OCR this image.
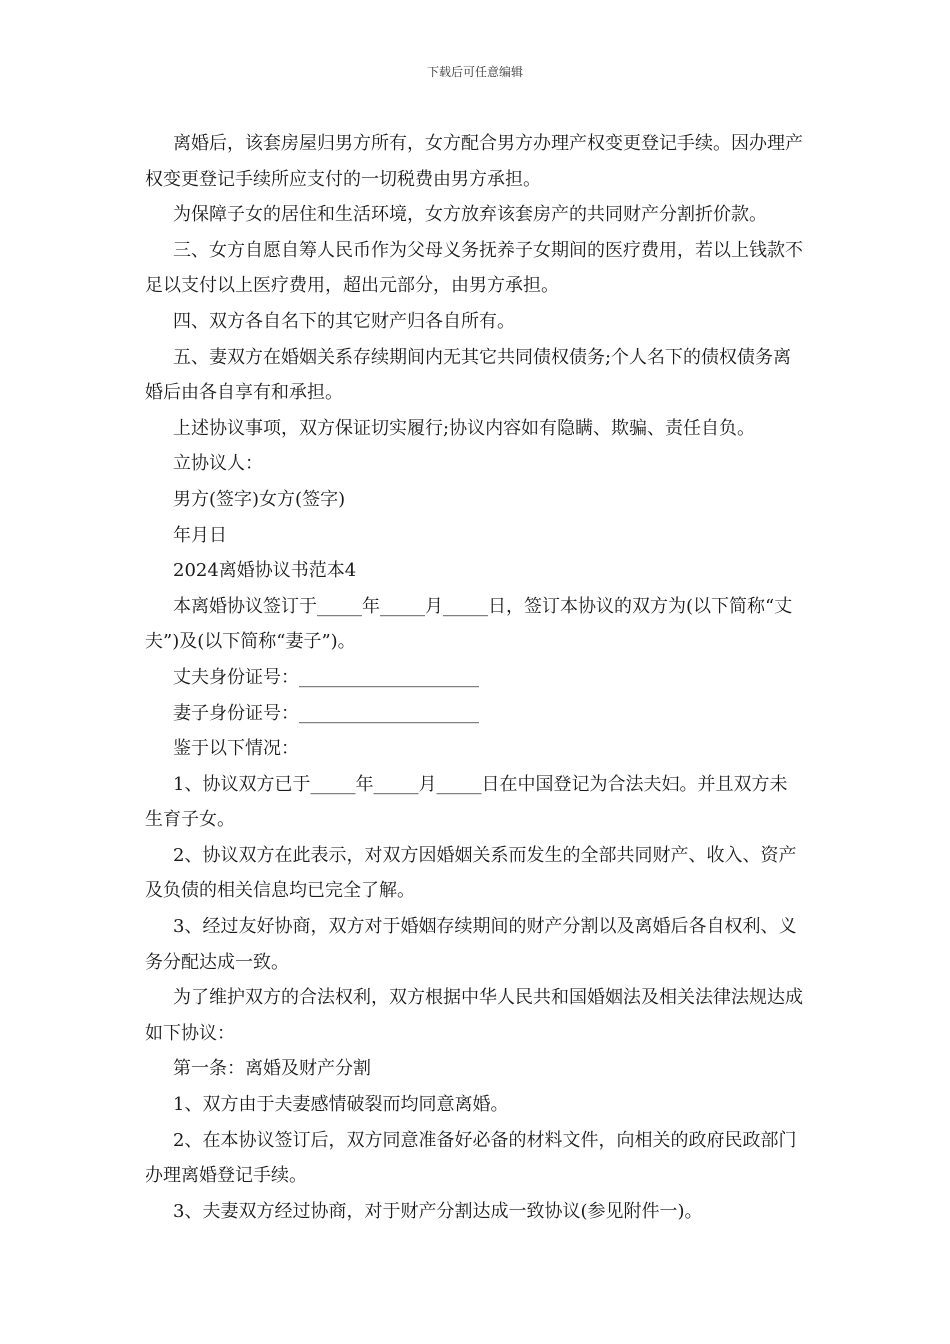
下载后可任意编辑

离婚后，该套房屋归男方所有，女方配合男方办理产权变更登记手续。因办理产权变更登记手续所应支付的一切税费由男方承担。

为保障子女的居住和生活环境，女方放弃该套房产的共同财产分割折价款。

三、女方自愿自筹人民币作为父母义务抚养子女期间的医疗费用，若以上钱款不足以支付以上医疗费用，超出元部分，由男方承担。

四、双方各自名下的其它财产归各自所有。

五、妻双方在婚姻关系存续期间内无其它共同债权债务;个人名下的债权债务离婚后由各自享有和承担。

上述协议事项，双方保证切实履行;协议内容如有隐瞒、欺骗、责任自负。

立协议人：

男方(签字)女方(签字)

年月日

2024离婚协议书范本4

本离婚协议签订于_____年_____月_____日，签订本协议的双方为(以下简称“丈夫”)及(以下简称“妻子”)。

丈夫身份证号：____________________

妻子身份证号：____________________

鉴于以下情况：

1、协议双方已于_____年_____月_____日在中国登记为合法夫妇。并且双方未生育子女。

2、协议双方在此表示，对双方因婚姻关系而发生的全部共同财产、收入、资产及负债的相关信息均已完全了解。

3、经过友好协商，双方对于婚姻存续期间的财产分割以及离婚后各自权利、义务分配达成一致。

为了维护双方的合法权利，双方根据中华人民共和国婚姻法及相关法律法规达成如下协议：

第一条：离婚及财产分割

1、双方由于夫妻感情破裂而均同意离婚。

2、在本协议签订后，双方同意准备好必备的材料文件，向相关的政府民政部门办理离婚登记手续。

3、夫妻双方经过协商，对于财产分割达成一致协议(参见附件一)。
